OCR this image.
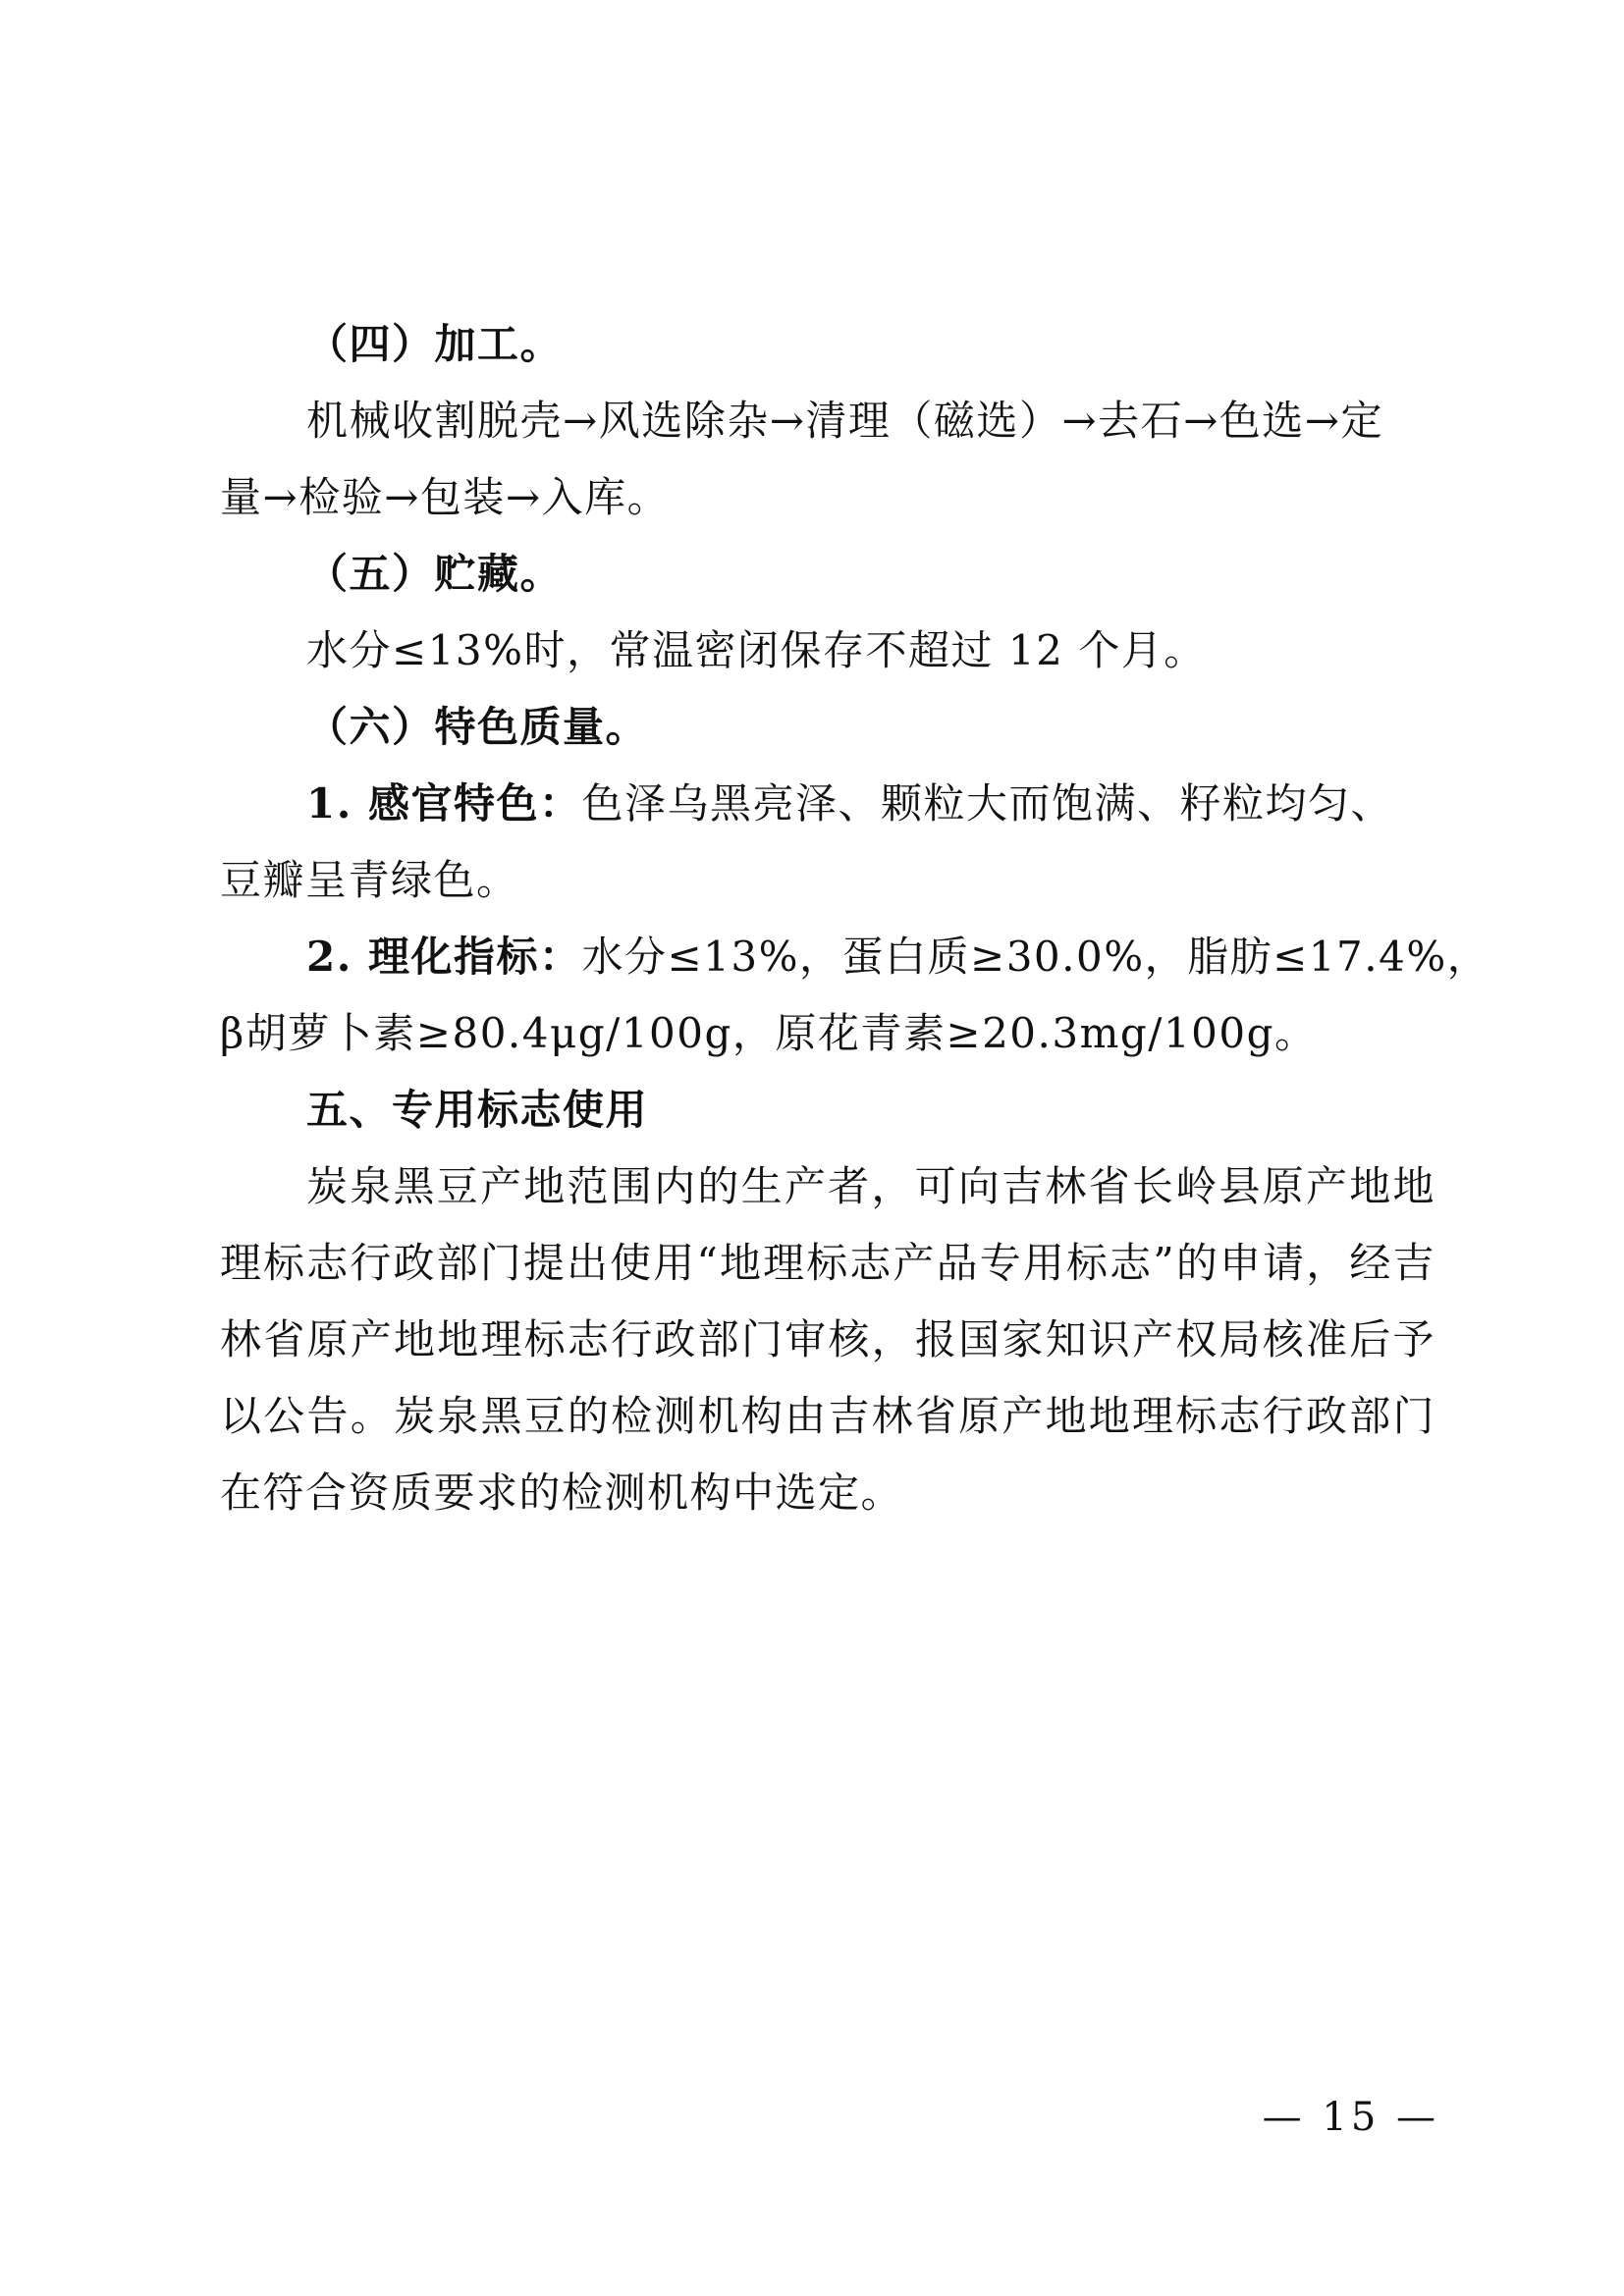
（四）加工。
机械收割脱壳→风选除杂→清理（磁选）→去石→色选→定
量→检验→包装→入库。
（五）贮藏。
水分≤13%时，常温密闭保存不超过 12 个月。
（六）特色质量。
1. 感官特色：色泽乌黑亮泽、颗粒大而饱满、籽粒均匀、
豆瓣呈青绿色。
2. 理化指标：水分≤13%，蛋白质≥30.0%，脂肪≤17.4%，
β胡萝卜素≥80.4μg/100g，原花青素≥20.3mg/100g。
五、专用标志使用
炭泉黑豆产地范围内的生产者，可向吉林省长岭县原产地地理标志行政部门提出使用“地理标志产品专用标志”的申请，经吉林省原产地地理标志行政部门审核，报国家知识产权局核准后予以公告。炭泉黑豆的检测机构由吉林省原产地地理标志行政部门在符合资质要求的检测机构中选定。
— 15 —
